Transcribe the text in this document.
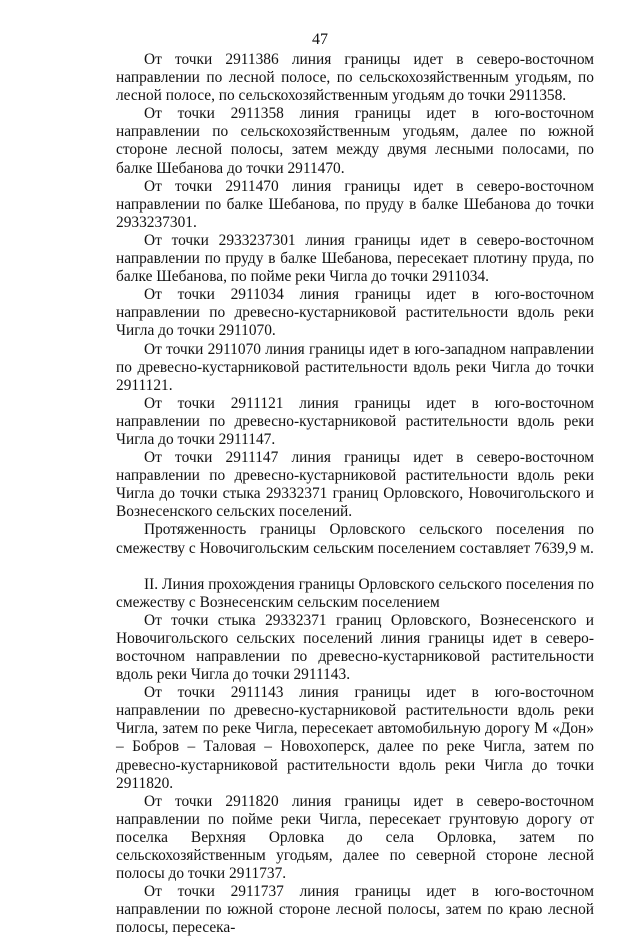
47

От точки 2911386 линия границы идет в северо-восточном направлении по лесной полосе, по сельскохозяйственным угодьям, по лесной полосе, по сельскохозяйственным угодьям до точки 2911358.

От точки 2911358 линия границы идет в юго-восточном направлении по сельскохозяйственным угодьям, далее по южной стороне лесной полосы, затем между двумя лесными полосами, по балке Шебанова до точки 2911470.

От точки 2911470 линия границы идет в северо-восточном направлении по балке Шебанова, по пруду в балке Шебанова до точки 2933237301.

От точки 2933237301 линия границы идет в северо-восточном направлении по пруду в балке Шебанова, пересекает плотину пруда, по балке Шебанова, по пойме реки Чигла до точки 2911034.

От точки 2911034 линия границы идет в юго-восточном направлении по древесно-кустарниковой растительности вдоль реки Чигла до точки 2911070.

От точки 2911070 линия границы идет в юго-западном направлении по древесно-кустарниковой растительности вдоль реки Чигла до точки 2911121.

От точки 2911121 линия границы идет в юго-восточном направлении по древесно-кустарниковой растительности вдоль реки Чигла до точки 2911147.

От точки 2911147 линия границы идет в северо-восточном направлении по древесно-кустарниковой растительности вдоль реки Чигла до точки стыка 29332371 границ Орловского, Новочигольского и Вознесенского сельских поселений.

Протяженность границы Орловского сельского поселения по смежеству с Новочигольским сельским поселением составляет 7639,9 м.

II. Линия прохождения границы Орловского сельского поселения по смежеству с Вознесенским сельским поселением

От точки стыка 29332371 границ Орловского, Вознесенского и Новочигольского сельских поселений линия границы идет в северо-восточном направлении по древесно-кустарниковой растительности вдоль реки Чигла до точки 2911143.

От точки 2911143 линия границы идет в юго-восточном направлении по древесно-кустарниковой растительности вдоль реки Чигла, затем по реке Чигла, пересекает автомобильную дорогу М «Дон» – Бобров – Таловая – Новохоперск, далее по реке Чигла, затем по древесно-кустарниковой растительности вдоль реки Чигла до точки 2911820.

От точки 2911820 линия границы идет в северо-восточном направлении по пойме реки Чигла, пересекает грунтовую дорогу от поселка Верхняя Орловка до села Орловка, затем по сельскохозяйственным угодьям, далее по северной стороне лесной полосы до точки 2911737.

От точки 2911737 линия границы идет в юго-восточном направлении по южной стороне лесной полосы, затем по краю лесной полосы, пересека-
